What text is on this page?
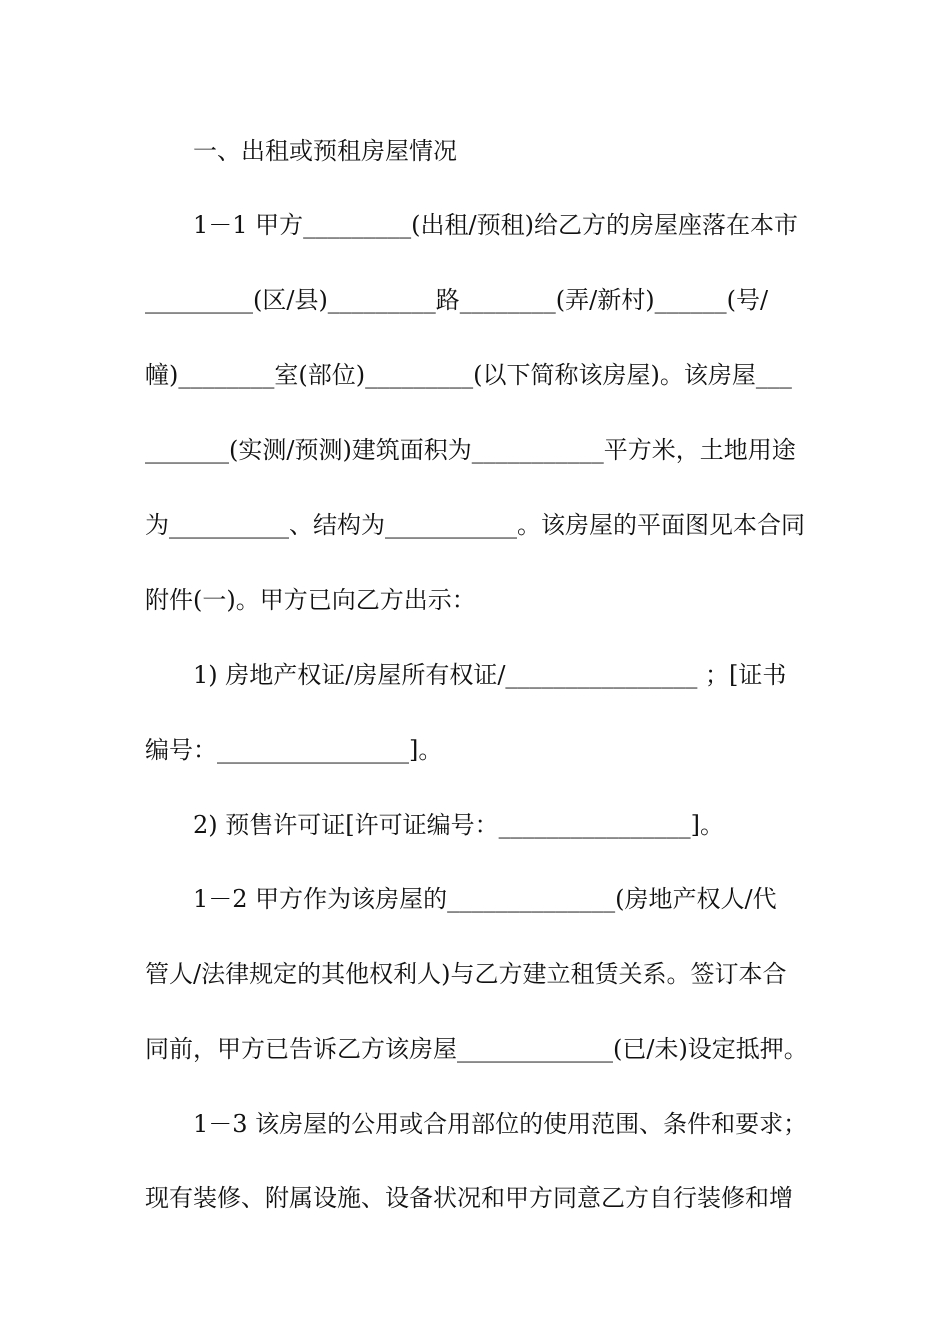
一、出租或预租房屋情况
1－1 甲方_________(出租/预租)给乙方的房屋座落在本市
_________(区/县)_________路________(弄/新村)______(号/
幢)________室(部位)_________(以下简称该房屋)。该房屋___
_______(实测/预测)建筑面积为___________平方米，土地用途
为__________、结构为___________。该房屋的平面图见本合同
附件(一)。甲方已向乙方出示：
1) 房地产权证/房屋所有权证/________________ ；[证书
编号：________________]。
2) 预售许可证[许可证编号：________________]。
1－2 甲方作为该房屋的______________(房地产权人/代
管人/法律规定的其他权利人)与乙方建立租赁关系。签订本合
同前，甲方已告诉乙方该房屋_____________(已/未)设定抵押。
1－3 该房屋的公用或合用部位的使用范围、条件和要求；
现有装修、附属设施、设备状况和甲方同意乙方自行装修和增
